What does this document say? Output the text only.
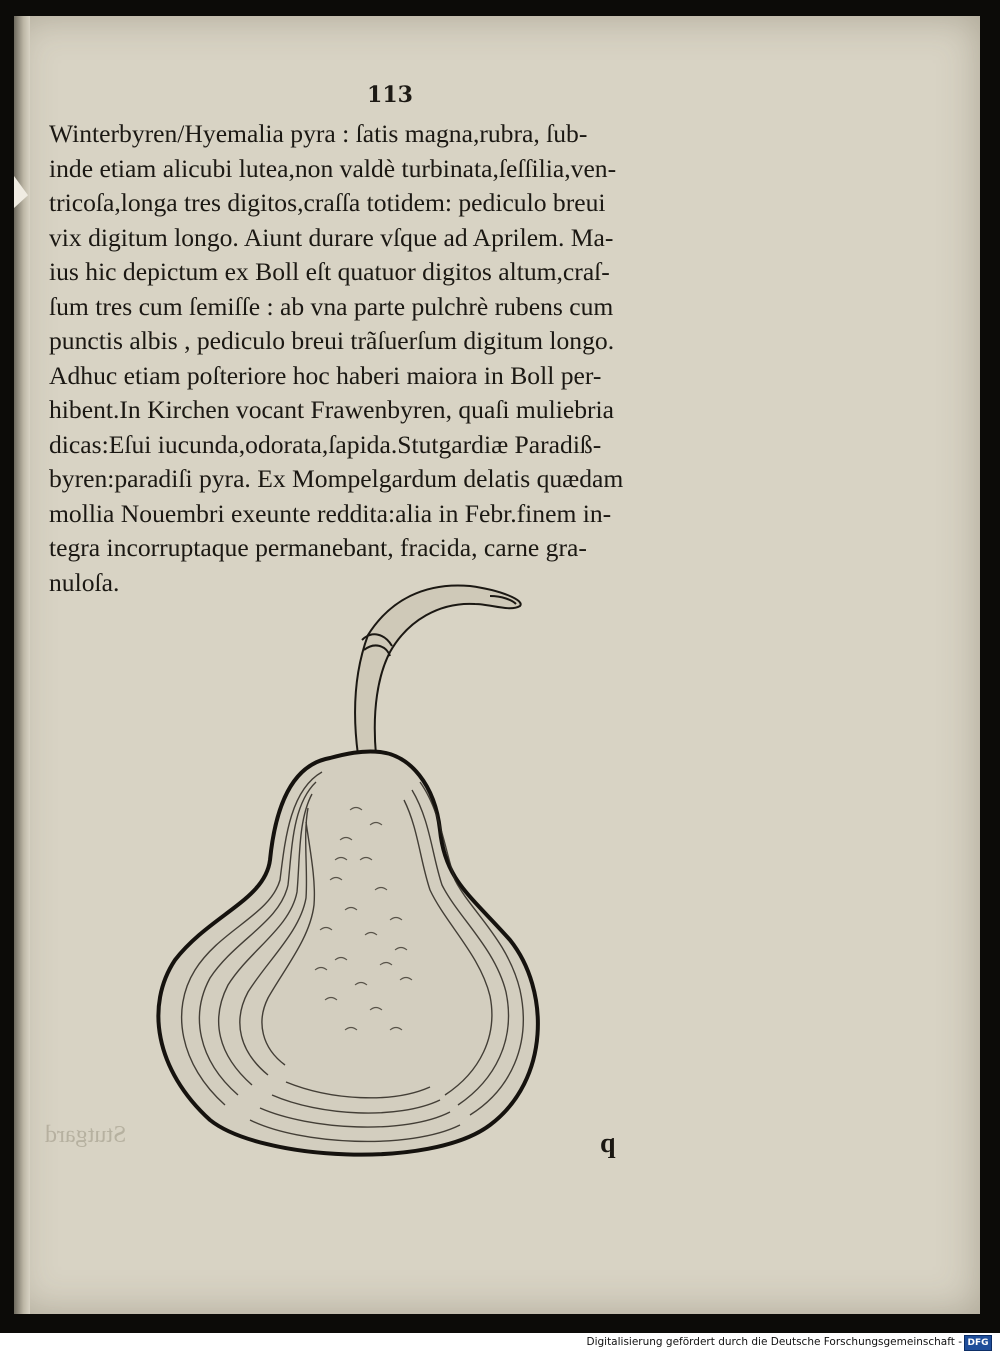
113
Winterbyren/Hyemalia pyra : ſatis magna,rubra, ſub-
inde etiam alicubi lutea,non valdè turbinata,ſeſſilia,ven-
tricoſa,longa tres digitos,craſſa totidem: pediculo breui
vix digitum longo. Aiunt durare vſque ad Aprilem. Ma-
ius hic depictum ex Boll eſt quatuor digitos altum,craſ-
ſum tres cum ſemiſſe : ab vna parte pulchrè rubens cum
punctis albis , pediculo breui trãſuerſum digitum longo.
Adhuc etiam poſteriore hoc haberi maiora in Boll per-
hibent.In Kirchen vocant Frawenbyren, quaſi muliebria
dicas:Eſui iucunda,odorata,ſapida.Stutgardiæ Paradiß-
byren:paradiſi pyra. Ex Mompelgardum delatis quædam
mollia Nouembri exeunte reddita:alia in Febr.finem in-
tegra incorruptaque permanebant, fracida, carne gra-
nuloſa.
Stutgard	q
Digitalisierung gefördert durch die Deutsche Forschungsgemeinschaft - DFG
